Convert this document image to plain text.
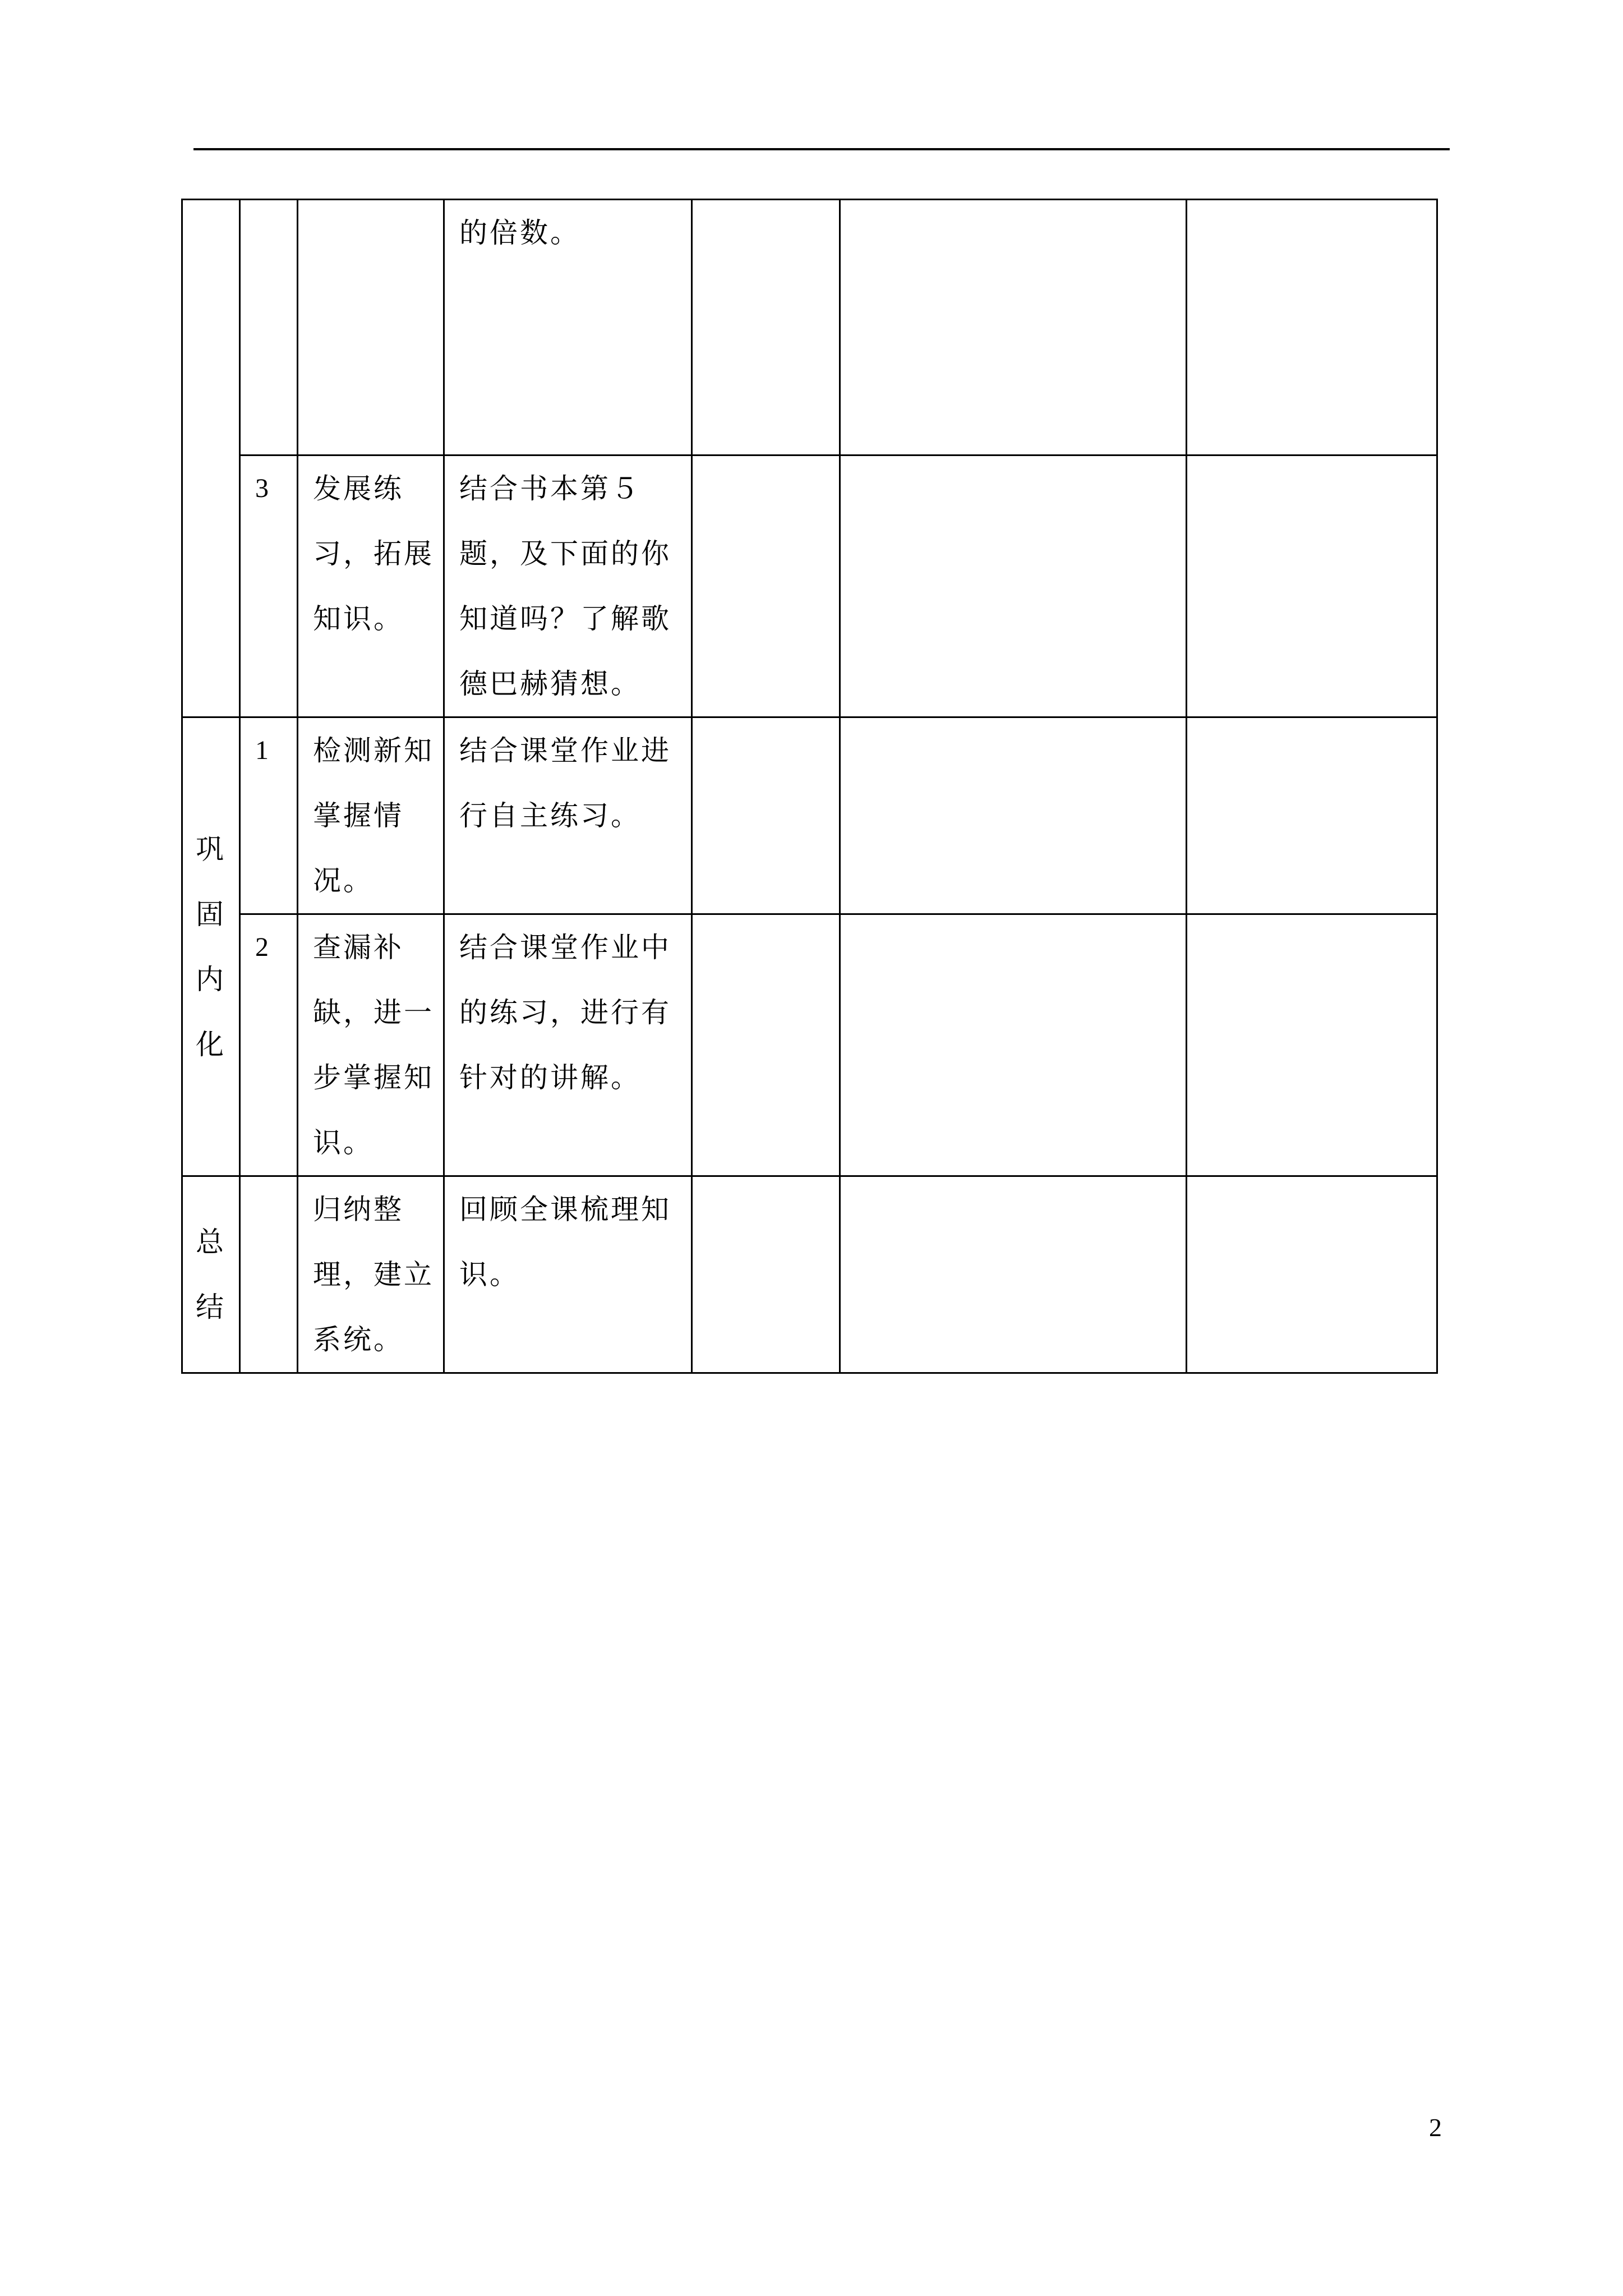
			的倍数。			

	3	发展练习，拓展知识。	结合书本第５题，及下面的你知道吗？了解歌德巴赫猜想。			

巩固内化	1	检测新知掌握情况。	结合课堂作业进行自主练习。			

	2	查漏补缺，进一步掌握知识。	结合课堂作业中的练习，进行有针对的讲解。			

总结		归纳整理，建立系统。	回顾全课梳理知识。			

2
